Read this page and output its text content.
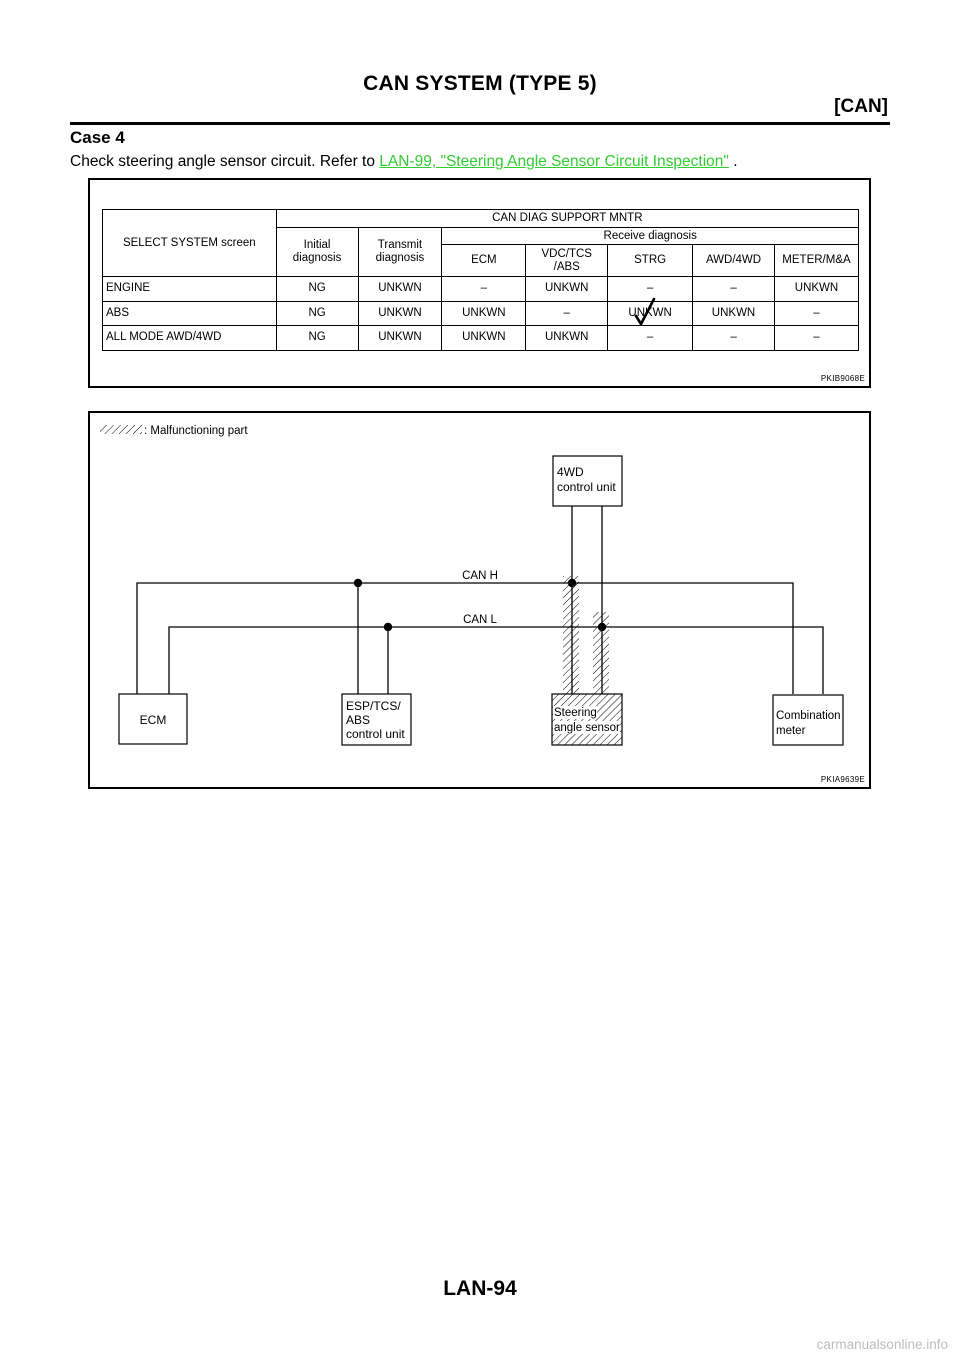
CAN SYSTEM (TYPE 5)
[CAN]
Case 4
Check steering angle sensor circuit. Refer to LAN-99, "Steering Angle Sensor Circuit Inspection" .
SELECT SYSTEM screen	CAN DIAG SUPPORT MNTR						
	Initial diagnosis	Transmit diagnosis	Receive diagnosis				
			ECM	VDC/TCS /ABS	STRG	AWD/4WD	METER/M&A
ENGINE	NG	UNKWN	–	UNKWN	–	–	UNKWN
ABS	NG	UNKWN	UNKWN	–	UNKWN	UNKWN	–
ALL MODE AWD/4WD	NG	UNKWN	UNKWN	UNKWN	–	–	–
PKIB9068E
: Malfunctioning part
CAN H
CAN L
ECM
ESP/TCS/
ABS
control unit
4WD
control unit
Steering
angle sensor
Combination
meter
PKIA9639E
LAN-94
carmanualsonline.info
